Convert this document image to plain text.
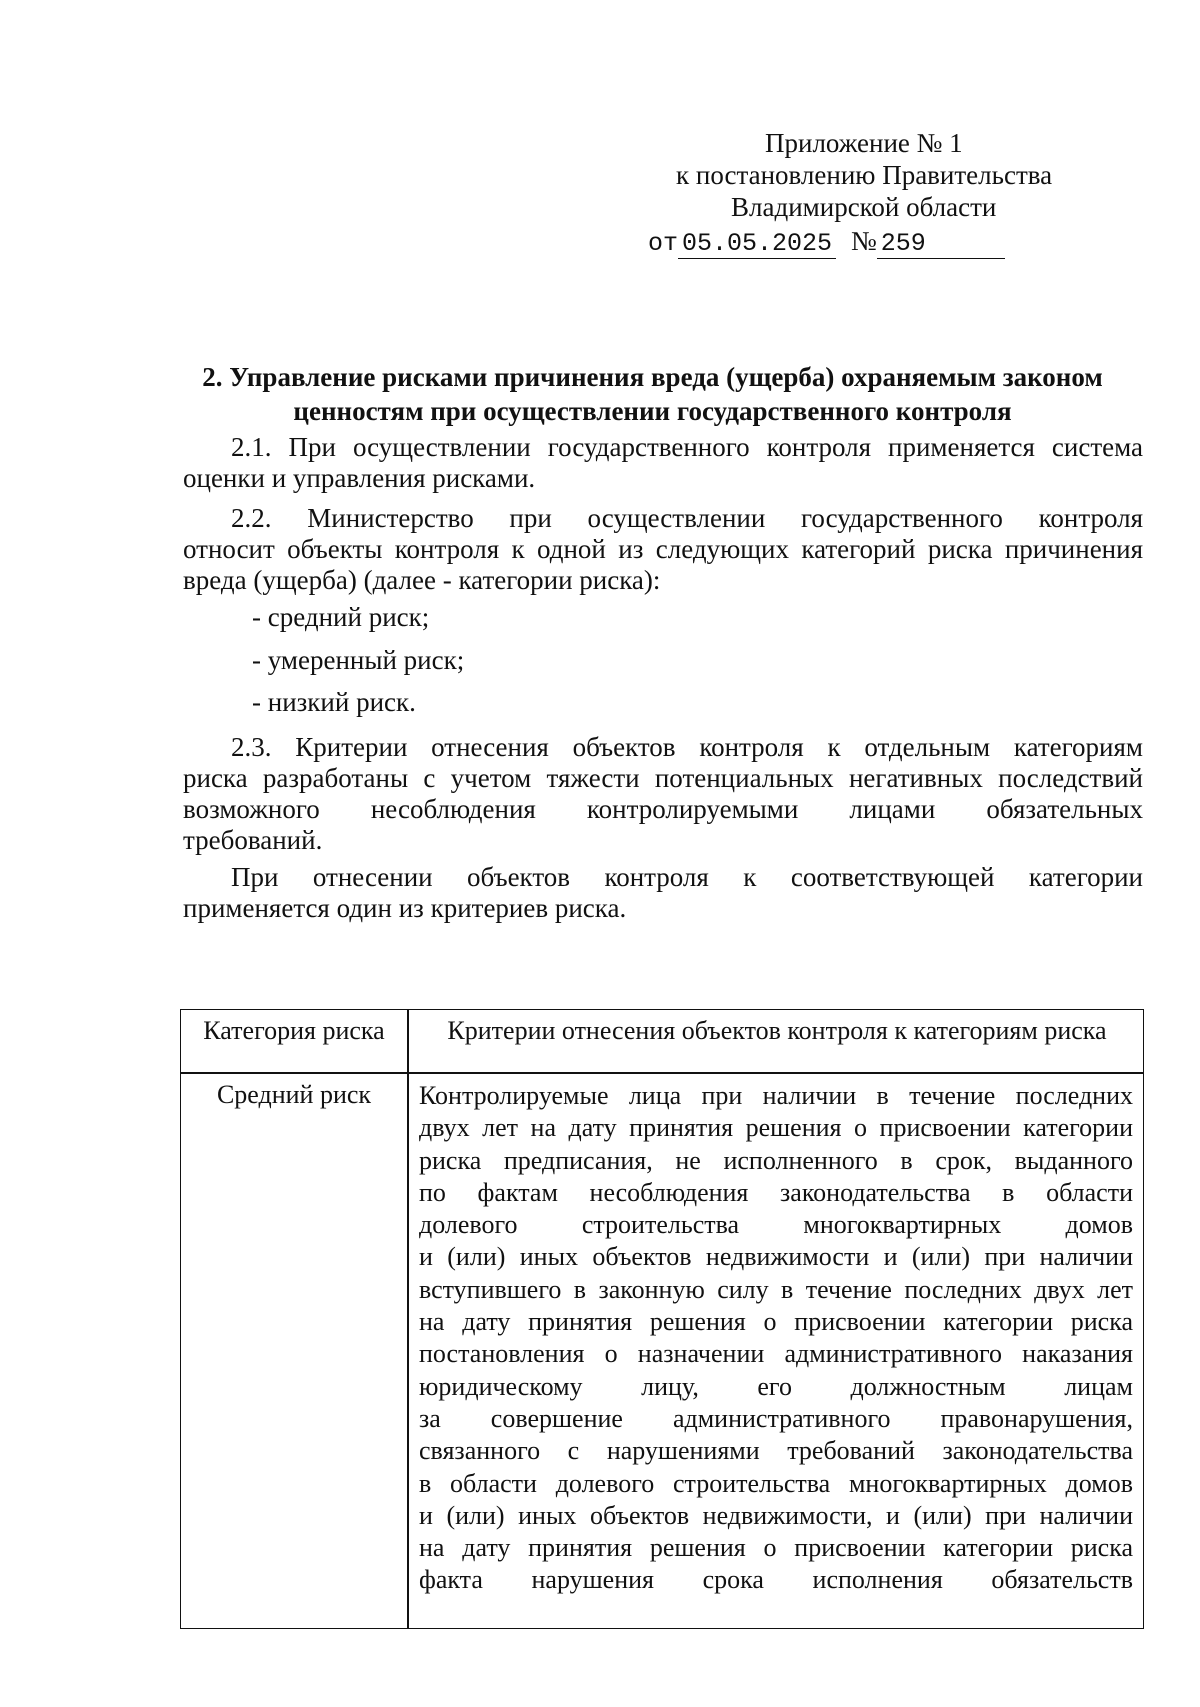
Приложение № 1
к постановлению Правительства
Владимирской области
от 05.05.2025 № 259
2. Управление рисками причинения вреда (ущерба) охраняемым законом
ценностям при осуществлении государственного контроля
2.1. При осуществлении государственного контроля применяется система
оценки и управления рисками.
2.2. Министерство при осуществлении государственного контроля
относит объекты контроля к одной из следующих категорий риска причинения
вреда (ущерба) (далее - категории риска):
- средний риск;
- умеренный риск;
- низкий риск.
2.3. Критерии отнесения объектов контроля к отдельным категориям
риска разработаны с учетом тяжести потенциальных негативных последствий
возможного несоблюдения контролируемыми лицами обязательных
требований.
При отнесении объектов контроля к соответствующей категории
применяется один из критериев риска.
Категория риска	Критерии отнесения объектов контроля к категориям риска
Средний риск	Контролируемые лица при наличии в течение последних
двух лет на дату принятия решения о присвоении категории
риска предписания, не исполненного в срок, выданного
по фактам несоблюдения законодательства в области
долевого строительства многоквартирных домов
и (или) иных объектов недвижимости и (или) при наличии
вступившего в законную силу в течение последних двух лет
на дату принятия решения о присвоении категории риска
постановления о назначении административного наказания
юридическому лицу, его должностным лицам
за совершение административного правонарушения,
связанного с нарушениями требований законодательства
в области долевого строительства многоквартирных домов
и (или) иных объектов недвижимости, и (или) при наличии
на дату принятия решения о присвоении категории риска
факта нарушения срока исполнения обязательств
